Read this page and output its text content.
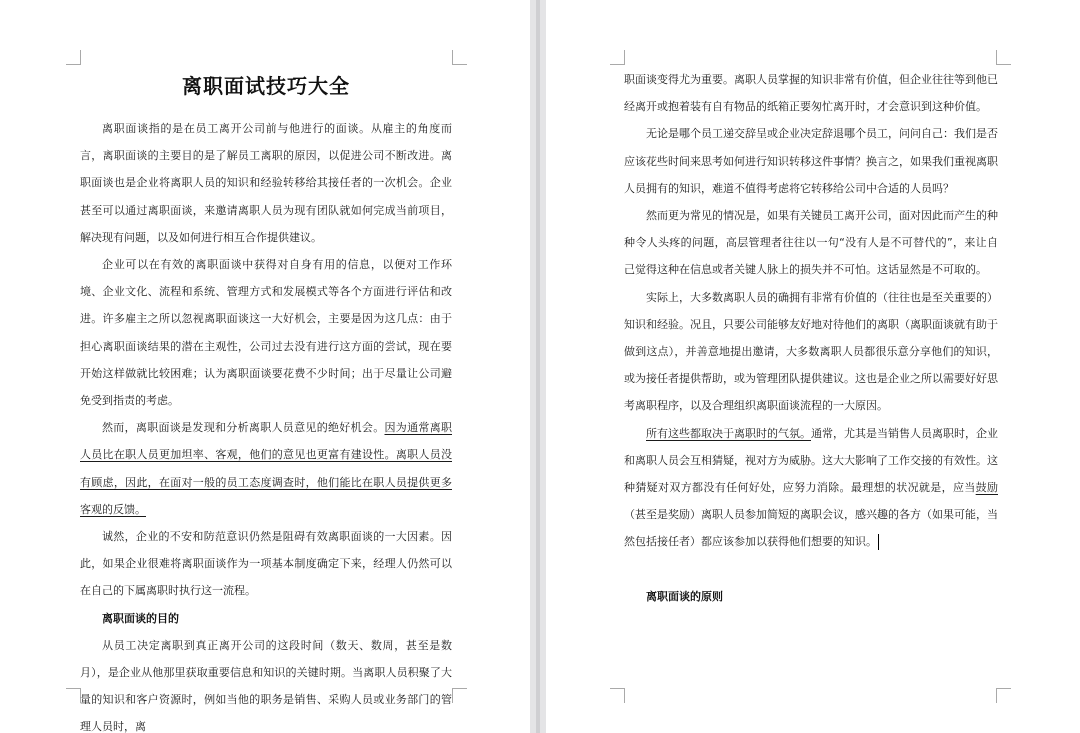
离职面试技巧大全

离职面谈指的是在员工离开公司前与他进行的面谈。从雇主的角度而言，离职面谈的主要目的是了解员工离职的原因，以促进公司不断改进。离职面谈也是企业将离职人员的知识和经验转移给其接任者的一次机会。企业甚至可以通过离职面谈，来邀请离职人员为现有团队就如何完成当前项目，解决现有问题，以及如何进行相互合作提供建议。

企业可以在有效的离职面谈中获得对自身有用的信息，以便对工作环境、企业文化、流程和系统、管理方式和发展模式等各个方面进行评估和改进。许多雇主之所以忽视离职面谈这一大好机会，主要是因为这几点：由于担心离职面谈结果的潜在主观性，公司过去没有进行这方面的尝试，现在要开始这样做就比较困难；认为离职面谈要花费不少时间；出于尽量让公司避免受到指责的考虑。

然而，离职面谈是发现和分析离职人员意见的绝好机会。因为通常离职人员比在职人员更加坦率、客观，他们的意见也更富有建设性。离职人员没有顾虑，因此，在面对一般的员工态度调查时，他们能比在职人员提供更多客观的反馈。

诚然，企业的不安和防范意识仍然是阻碍有效离职面谈的一大因素。因此，如果企业很难将离职面谈作为一项基本制度确定下来，经理人仍然可以在自己的下属离职时执行这一流程。

离职面谈的目的

从员工决定离职到真正离开公司的这段时间（数天、数周，甚至是数月），是企业从他那里获取重要信息和知识的关键时期。当离职人员积聚了大量的知识和客户资源时，例如当他的职务是销售、采购人员或业务部门的管理人员时，离

职面谈变得尤为重要。离职人员掌握的知识非常有价值，但企业往往等到他已经离开或抱着装有自有物品的纸箱正要匆忙离开时，才会意识到这种价值。

无论是哪个员工递交辞呈或企业决定辞退哪个员工，问问自己：我们是否应该花些时间来思考如何进行知识转移这件事情？换言之，如果我们重视离职人员拥有的知识，难道不值得考虑将它转移给公司中合适的人员吗？

然而更为常见的情况是，如果有关键员工离开公司，面对因此而产生的种种令人头疼的问题，高层管理者往往以一句“没有人是不可替代的”，来让自己觉得这种在信息或者关键人脉上的损失并不可怕。这话显然是不可取的。

实际上，大多数离职人员的确拥有非常有价值的（往往也是至关重要的）知识和经验。况且，只要公司能够友好地对待他们的离职（离职面谈就有助于做到这点），并善意地提出邀请，大多数离职人员都很乐意分享他们的知识，或为接任者提供帮助，或为管理团队提供建议。这也是企业之所以需要好好思考离职程序，以及合理组织离职面谈流程的一大原因。

所有这些都取决于离职时的气氛。通常，尤其是当销售人员离职时，企业和离职人员会互相猜疑，视对方为威胁。这大大影响了工作交接的有效性。这种猜疑对双方都没有任何好处，应努力消除。最理想的状况就是，应当鼓励（甚至是奖励）离职人员参加简短的离职会议，感兴趣的各方（如果可能，当然包括接任者）都应该参加以获得他们想要的知识。

离职面谈的原则
